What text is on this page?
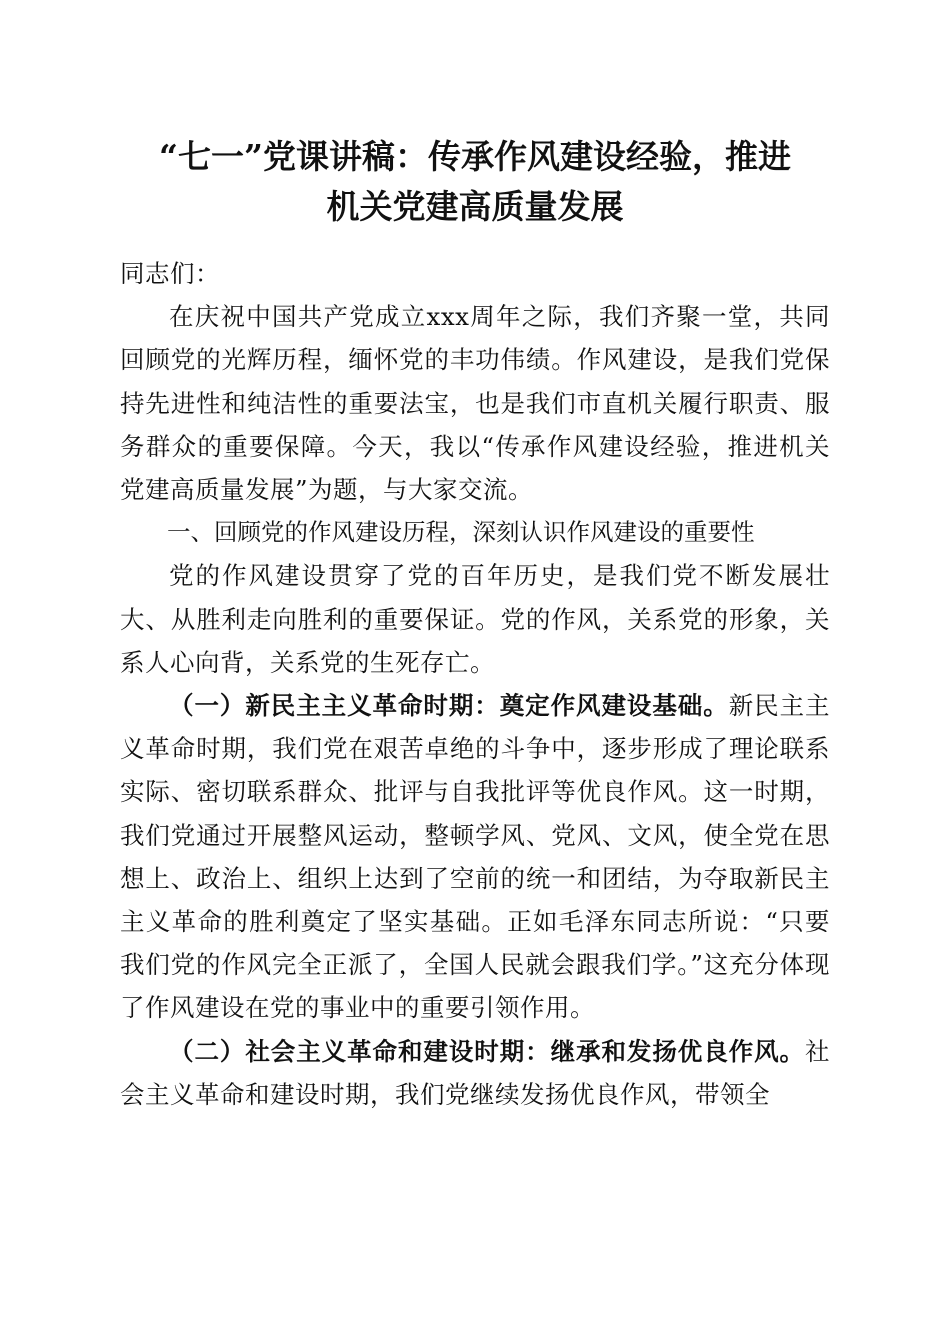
“七一”党课讲稿：传承作风建设经验，推进
机关党建高质量发展

同志们：

在庆祝中国共产党成立xxx周年之际，我们齐聚一堂，共同回顾党的光辉历程，缅怀党的丰功伟绩。作风建设，是我们党保持先进性和纯洁性的重要法宝，也是我们市直机关履行职责、服务群众的重要保障。今天，我以“传承作风建设经验，推进机关党建高质量发展”为题，与大家交流。

一、回顾党的作风建设历程，深刻认识作风建设的重要性

党的作风建设贯穿了党的百年历史，是我们党不断发展壮大、从胜利走向胜利的重要保证。党的作风，关系党的形象，关系人心向背，关系党的生死存亡。

（一）新民主主义革命时期：奠定作风建设基础。新民主主义革命时期，我们党在艰苦卓绝的斗争中，逐步形成了理论联系实际、密切联系群众、批评与自我批评等优良作风。这一时期，我们党通过开展整风运动，整顿学风、党风、文风，使全党在思想上、政治上、组织上达到了空前的统一和团结，为夺取新民主主义革命的胜利奠定了坚实基础。正如毛泽东同志所说：“只要我们党的作风完全正派了，全国人民就会跟我们学。”这充分体现了作风建设在党的事业中的重要引领作用。

（二）社会主义革命和建设时期：继承和发扬优良作风。社会主义革命和建设时期，我们党继续发扬优良作风，带领全
